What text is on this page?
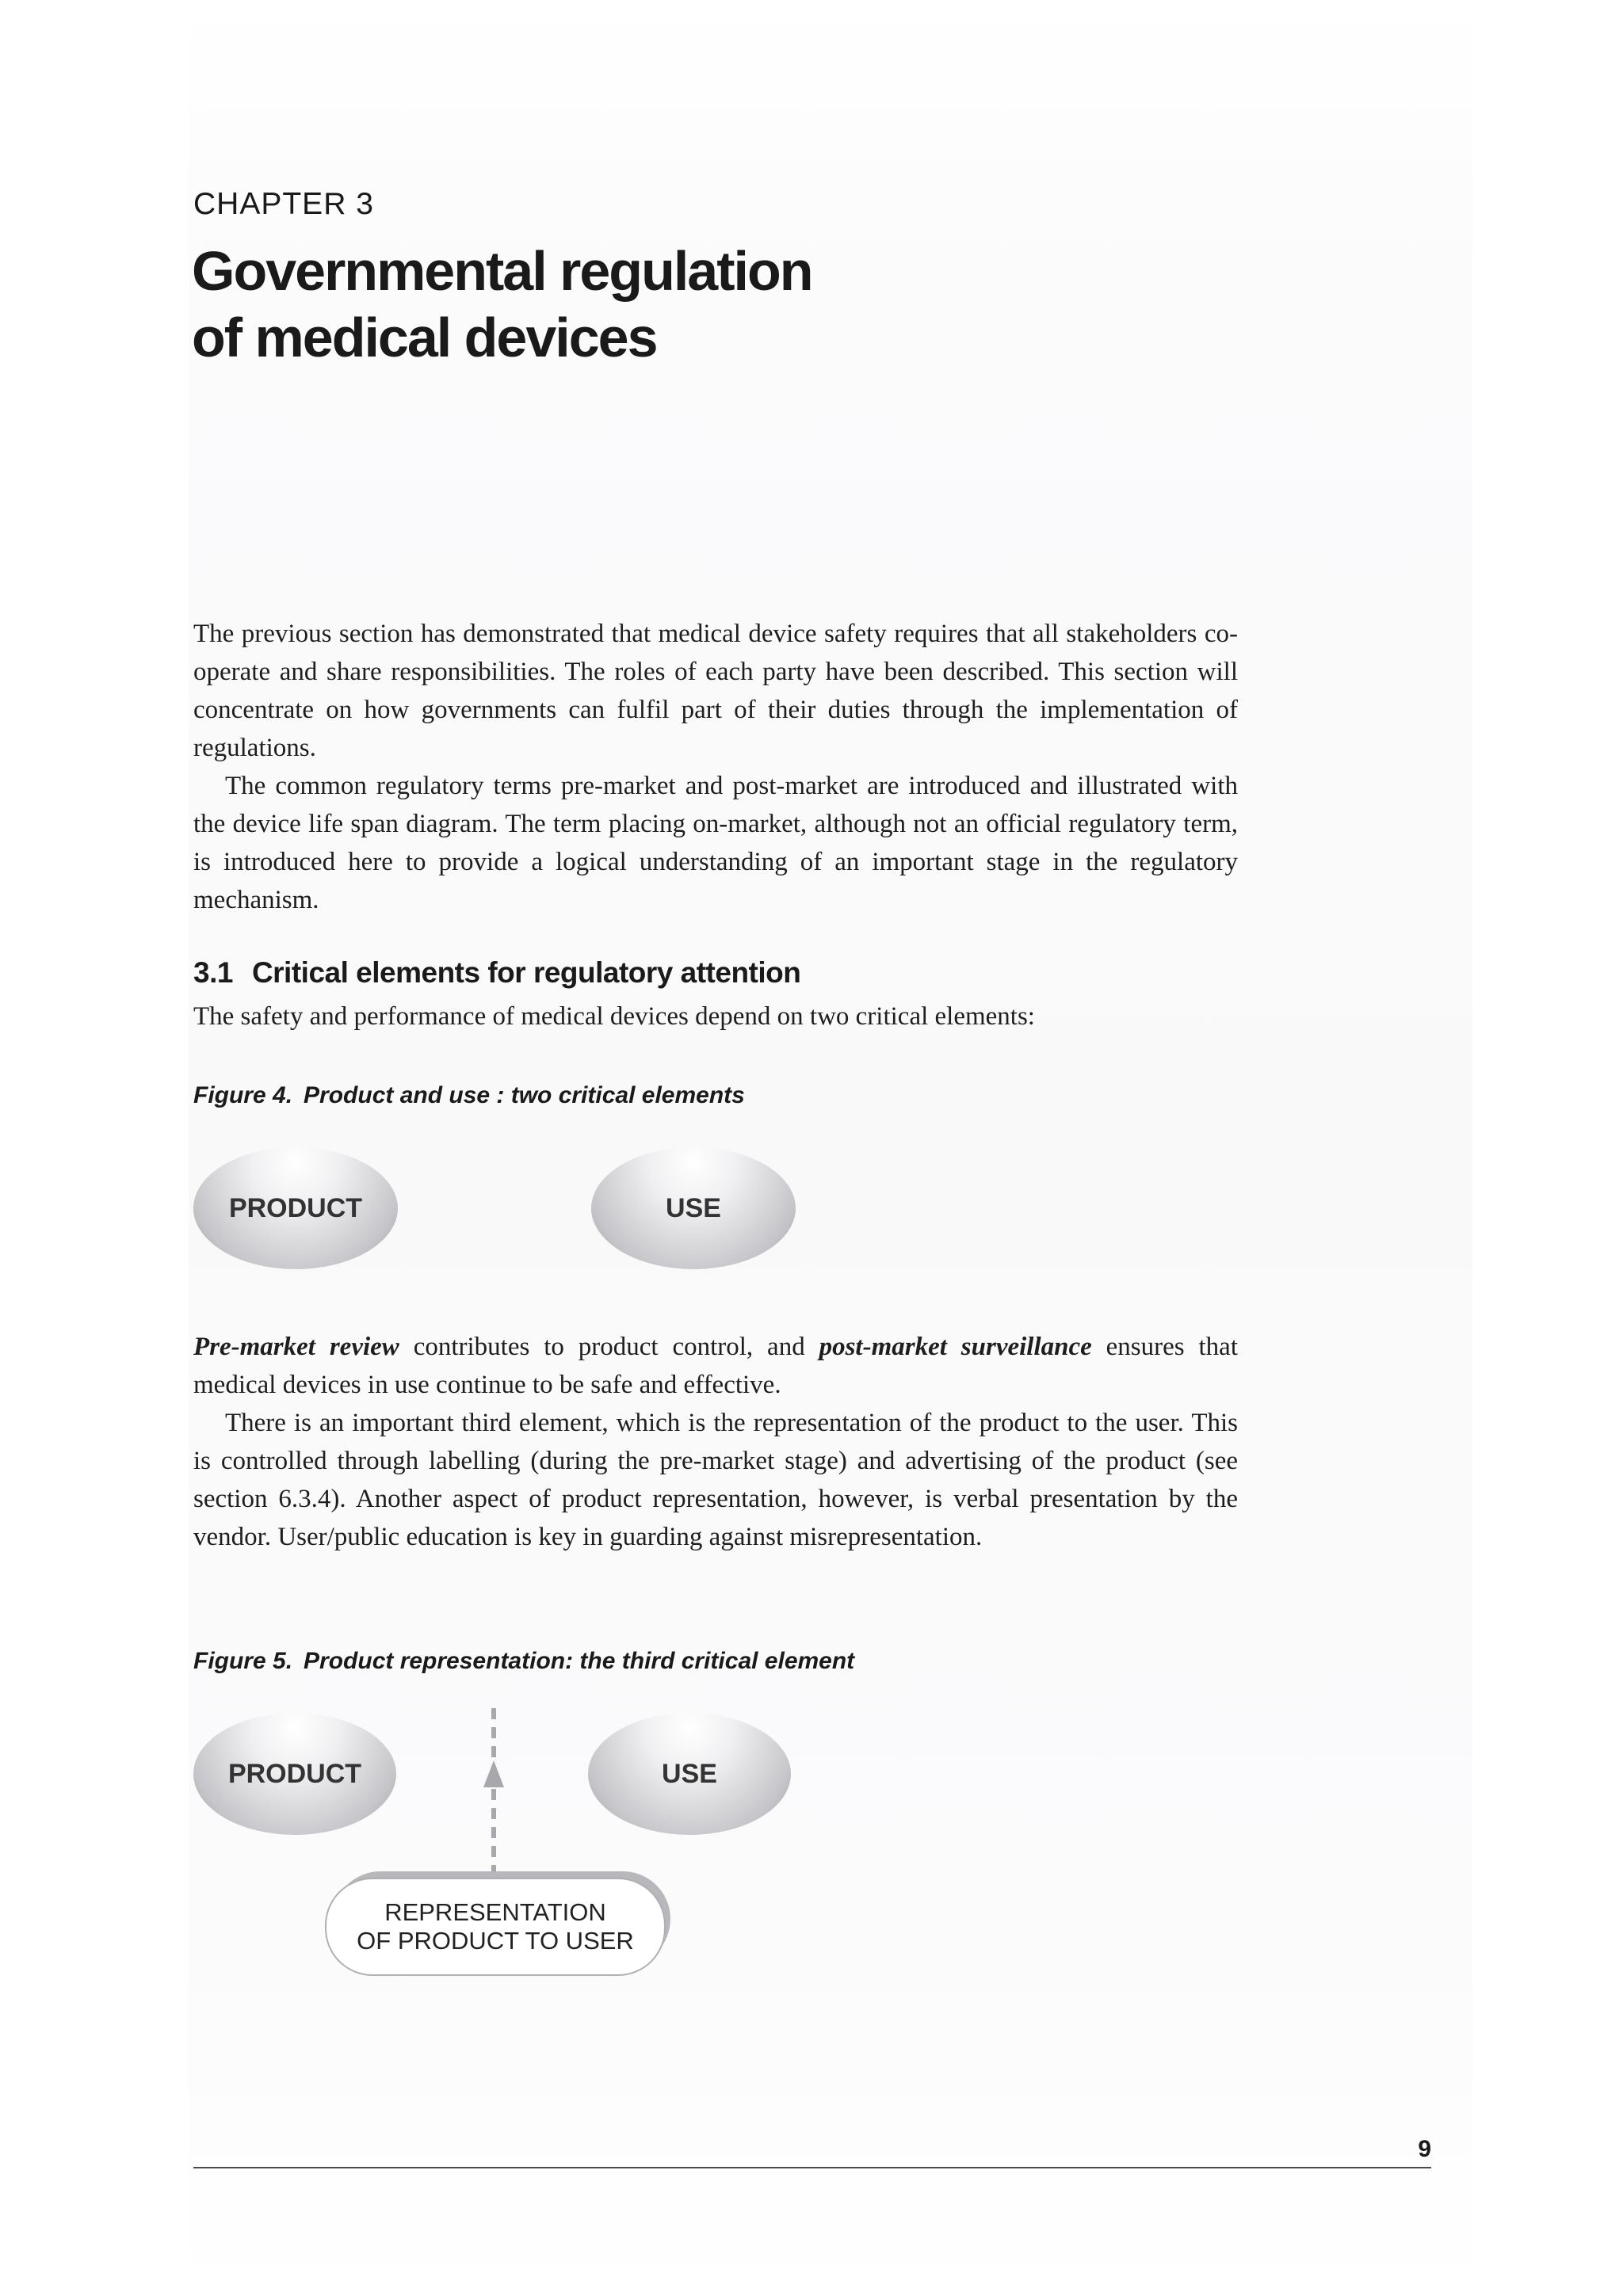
CHAPTER 3

Governmental regulation
of medical devices

The previous section has demonstrated that medical device safety requires that all stakeholders co-operate and share responsibilities. The roles of each party have been described. This section will concentrate on how governments can fulfil part of their duties through the implementation of regulations.

The common regulatory terms pre-market and post-market are introduced and illustrated with the device life span diagram. The term placing on-market, although not an official regulatory term, is introduced here to provide a logical understanding of an important stage in the regulatory mechanism.

3.1 Critical elements for regulatory attention

The safety and performance of medical devices depend on two critical elements:

Figure 4. Product and use : two critical elements

PRODUCT	USE

Pre-market review contributes to product control, and post-market surveillance ensures that medical devices in use continue to be safe and effective.

There is an important third element, which is the representation of the product to the user. This is controlled through labelling (during the pre-market stage) and advertising of the product (see section 6.3.4). Another aspect of product representation, however, is verbal presentation by the vendor. User/public education is key in guarding against misrepresentation.

Figure 5. Product representation: the third critical element

PRODUCT	USE
REPRESENTATION
OF PRODUCT TO USER
9
